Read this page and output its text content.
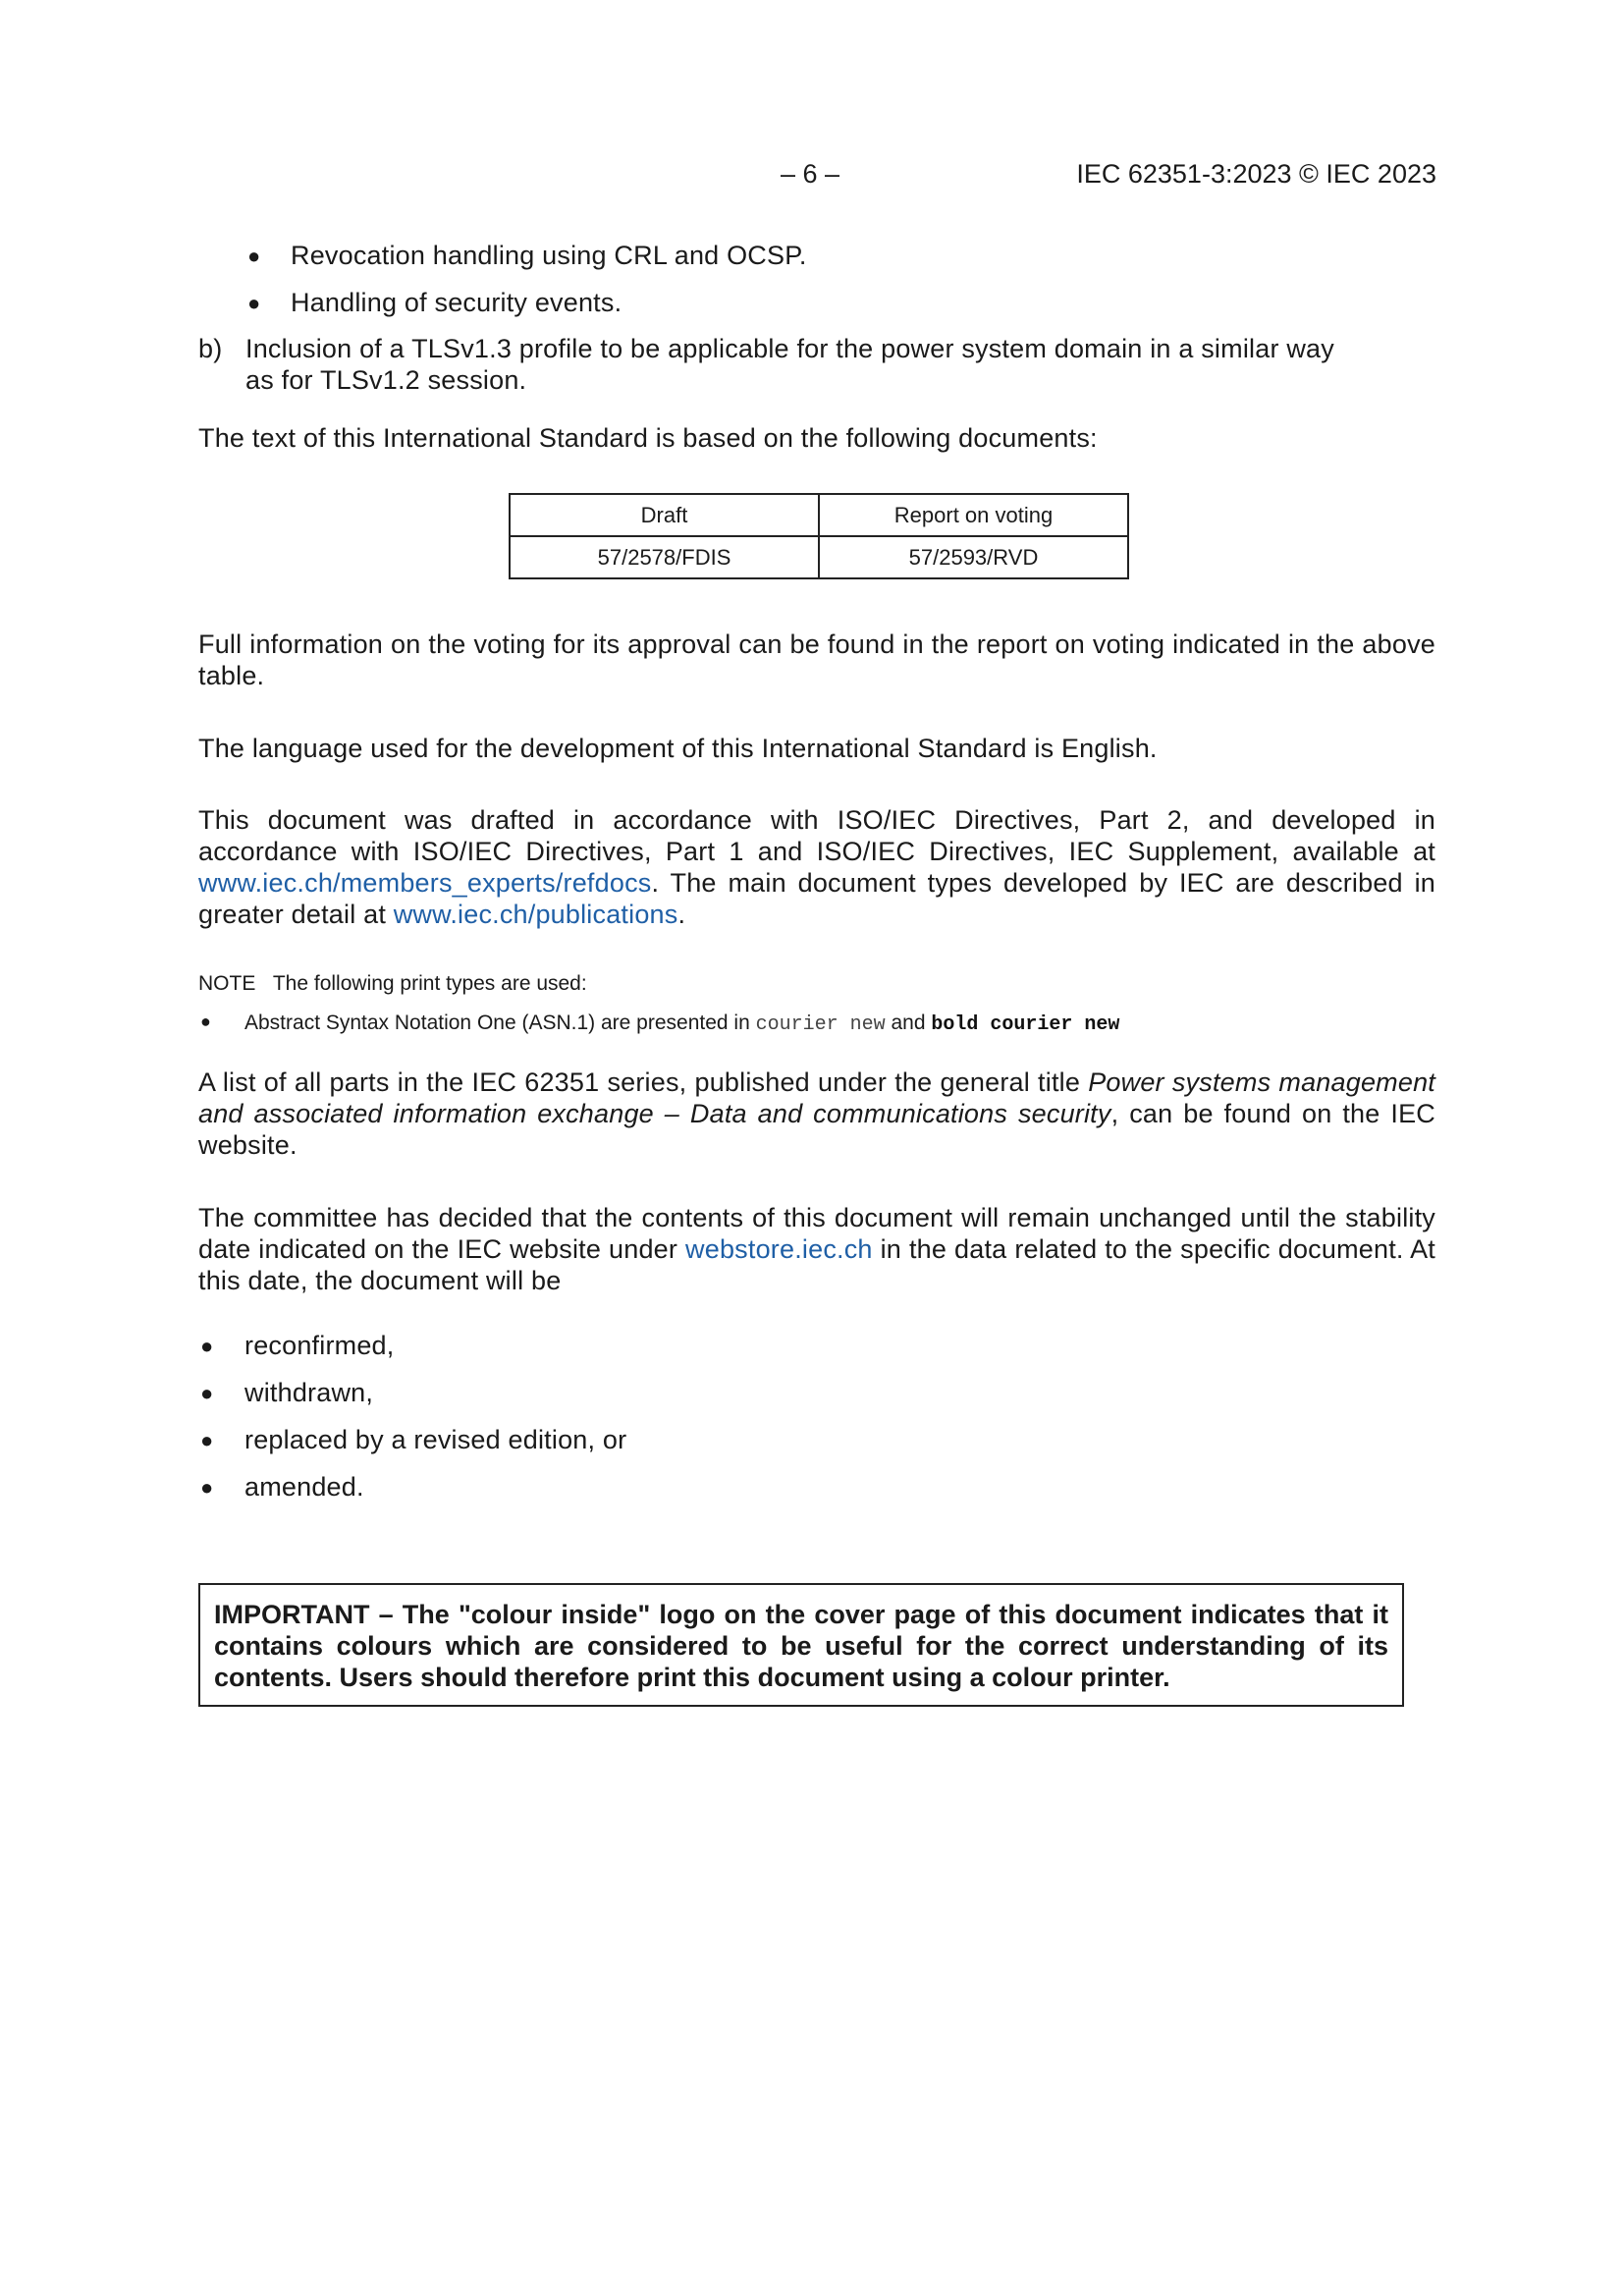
– 6 –	IEC 62351-3:2023 © IEC 2023
● Revocation handling using CRL and OCSP.
● Handling of security events.
b) Inclusion of a TLSv1.3 profile to be applicable for the power system domain in a similar way
as for TLSv1.2 session.
The text of this International Standard is based on the following documents:
Draft	Report on voting
57/2578/FDIS	57/2593/RVD
Full information on the voting for its approval can be found in the report on voting indicated in the above table.
The language used for the development of this International Standard is English.
This document was drafted in accordance with ISO/IEC Directives, Part 2, and developed in accordance with ISO/IEC Directives, Part 1 and ISO/IEC Directives, IEC Supplement, available at www.iec.ch/members_experts/refdocs. The main document types developed by IEC are described in greater detail at www.iec.ch/publications.
NOTE The following print types are used:
● Abstract Syntax Notation One (ASN.1) are presented in courier new and bold courier new
A list of all parts in the IEC 62351 series, published under the general title Power systems management and associated information exchange – Data and communications security, can be found on the IEC website.
The committee has decided that the contents of this document will remain unchanged until the stability date indicated on the IEC website under webstore.iec.ch in the data related to the specific document. At this date, the document will be
● reconfirmed,
● withdrawn,
● replaced by a revised edition, or
● amended.
IMPORTANT – The "colour inside" logo on the cover page of this document indicates that it contains colours which are considered to be useful for the correct understanding of its contents. Users should therefore print this document using a colour printer.
